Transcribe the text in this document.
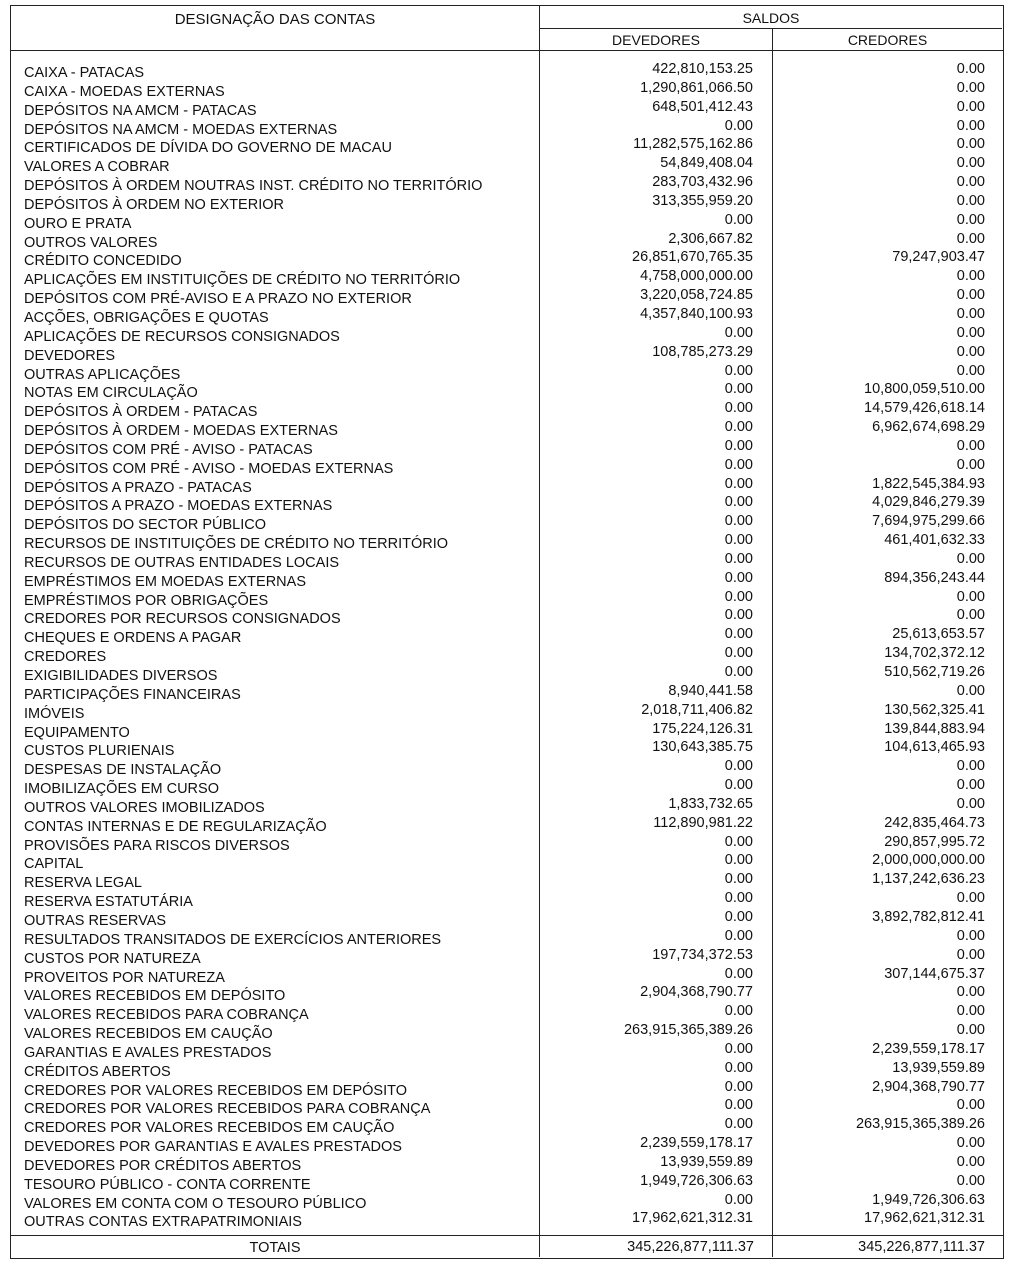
DESIGNAÇÃO DAS CONTAS	SALDOS
DEVEDORES	CREDORES
CAIXA - PATACAS	422,810,153.25	0.00
CAIXA - MOEDAS EXTERNAS	1,290,861,066.50	0.00
DEPÓSITOS NA AMCM - PATACAS	648,501,412.43	0.00
DEPÓSITOS NA AMCM - MOEDAS EXTERNAS	0.00	0.00
CERTIFICADOS DE DÍVIDA DO GOVERNO DE MACAU	11,282,575,162.86	0.00
VALORES A COBRAR	54,849,408.04	0.00
DEPÓSITOS À ORDEM NOUTRAS INST. CRÉDITO NO TERRITÓRIO	283,703,432.96	0.00
DEPÓSITOS À ORDEM NO EXTERIOR	313,355,959.20	0.00
OURO E PRATA	0.00	0.00
OUTROS VALORES	2,306,667.82	0.00
CRÉDITO CONCEDIDO	26,851,670,765.35	79,247,903.47
APLICAÇÕES EM INSTITUIÇÕES DE CRÉDITO NO TERRITÓRIO	4,758,000,000.00	0.00
DEPÓSITOS COM PRÉ-AVISO E A PRAZO NO EXTERIOR	3,220,058,724.85	0.00
ACÇÕES, OBRIGAÇÕES E QUOTAS	4,357,840,100.93	0.00
APLICAÇÕES DE RECURSOS CONSIGNADOS	0.00	0.00
DEVEDORES	108,785,273.29	0.00
OUTRAS APLICAÇÕES	0.00	0.00
NOTAS EM CIRCULAÇÃO	0.00	10,800,059,510.00
DEPÓSITOS À ORDEM - PATACAS	0.00	14,579,426,618.14
DEPÓSITOS À ORDEM - MOEDAS EXTERNAS	0.00	6,962,674,698.29
DEPÓSITOS COM PRÉ - AVISO - PATACAS	0.00	0.00
DEPÓSITOS COM PRÉ - AVISO - MOEDAS EXTERNAS	0.00	0.00
DEPÓSITOS A PRAZO - PATACAS	0.00	1,822,545,384.93
DEPÓSITOS A PRAZO - MOEDAS EXTERNAS	0.00	4,029,846,279.39
DEPÓSITOS DO SECTOR PÚBLICO	0.00	7,694,975,299.66
RECURSOS DE INSTITUIÇÕES DE CRÉDITO NO TERRITÓRIO	0.00	461,401,632.33
RECURSOS DE OUTRAS ENTIDADES LOCAIS	0.00	0.00
EMPRÉSTIMOS EM MOEDAS EXTERNAS	0.00	894,356,243.44
EMPRÉSTIMOS POR OBRIGAÇÕES	0.00	0.00
CREDORES POR RECURSOS CONSIGNADOS	0.00	0.00
CHEQUES E ORDENS A PAGAR	0.00	25,613,653.57
CREDORES	0.00	134,702,372.12
EXIGIBILIDADES DIVERSOS	0.00	510,562,719.26
PARTICIPAÇÕES FINANCEIRAS	8,940,441.58	0.00
IMÓVEIS	2,018,711,406.82	130,562,325.41
EQUIPAMENTO	175,224,126.31	139,844,883.94
CUSTOS PLURIENAIS	130,643,385.75	104,613,465.93
DESPESAS DE INSTALAÇÃO	0.00	0.00
IMOBILIZAÇÕES EM CURSO	0.00	0.00
OUTROS VALORES IMOBILIZADOS	1,833,732.65	0.00
CONTAS INTERNAS E DE REGULARIZAÇÃO	112,890,981.22	242,835,464.73
PROVISÕES PARA RISCOS DIVERSOS	0.00	290,857,995.72
CAPITAL	0.00	2,000,000,000.00
RESERVA LEGAL	0.00	1,137,242,636.23
RESERVA ESTATUTÁRIA	0.00	0.00
OUTRAS RESERVAS	0.00	3,892,782,812.41
RESULTADOS TRANSITADOS DE EXERCÍCIOS ANTERIORES	0.00	0.00
CUSTOS POR NATUREZA	197,734,372.53	0.00
PROVEITOS POR NATUREZA	0.00	307,144,675.37
VALORES RECEBIDOS EM DEPÓSITO	2,904,368,790.77	0.00
VALORES RECEBIDOS PARA COBRANÇA	0.00	0.00
VALORES RECEBIDOS EM CAUÇÃO	263,915,365,389.26	0.00
GARANTIAS E AVALES PRESTADOS	0.00	2,239,559,178.17
CRÉDITOS ABERTOS	0.00	13,939,559.89
CREDORES POR VALORES RECEBIDOS EM DEPÓSITO	0.00	2,904,368,790.77
CREDORES POR VALORES RECEBIDOS PARA COBRANÇA	0.00	0.00
CREDORES POR VALORES RECEBIDOS EM CAUÇÃO	0.00	263,915,365,389.26
DEVEDORES POR GARANTIAS E AVALES PRESTADOS	2,239,559,178.17	0.00
DEVEDORES POR CRÉDITOS ABERTOS	13,939,559.89	0.00
TESOURO PÚBLICO - CONTA CORRENTE	1,949,726,306.63	0.00
VALORES EM CONTA COM O TESOURO PÚBLICO	0.00	1,949,726,306.63
OUTRAS CONTAS EXTRAPATRIMONIAIS	17,962,621,312.31	17,962,621,312.31
TOTAIS	345,226,877,111.37	345,226,877,111.37
